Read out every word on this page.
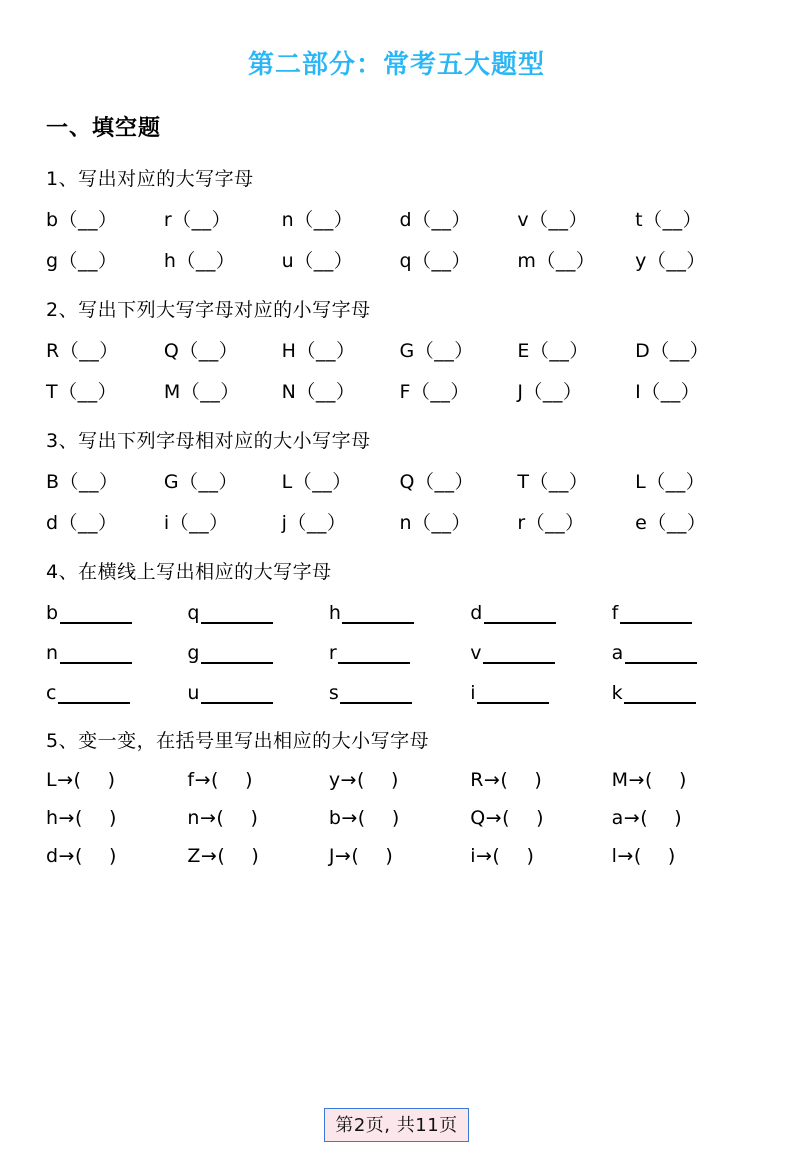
第二部分：常考五大题型
一、填空题
1、写出对应的大写字母
b（__）	r（__）	n（__）	d（__）	v（__）	t（__）
g（__）	h（__）	u（__）	q（__）	m（__）	y（__）
2、写出下列大写字母对应的小写字母
R（__）	Q（__）	H（__）	G（__）	E（__）	D（__）
T（__）	M（__）	N（__）	F（__）	J（__）	I（__）
3、写出下列字母相对应的大小写字母
B（__）	G（__）	L（__）	Q（__）	T（__）	L（__）
d（__）	i（__）	j（__）	n（__）	r（__）	e（__）
4、在横线上写出相应的大写字母
b	q	h	d	f
n	g	r	v	a
c	u	s	i	k
5、变一变，在括号里写出相应的大小写字母
L→(    )	f→(    )	y→(    )	R→(    )	M→(    )
h→(    )	n→(    )	b→(    )	Q→(    )	a→(    )
d→(    )	Z→(    )	J→(    )	i→(    )	l→(    )
第2页, 共11页
